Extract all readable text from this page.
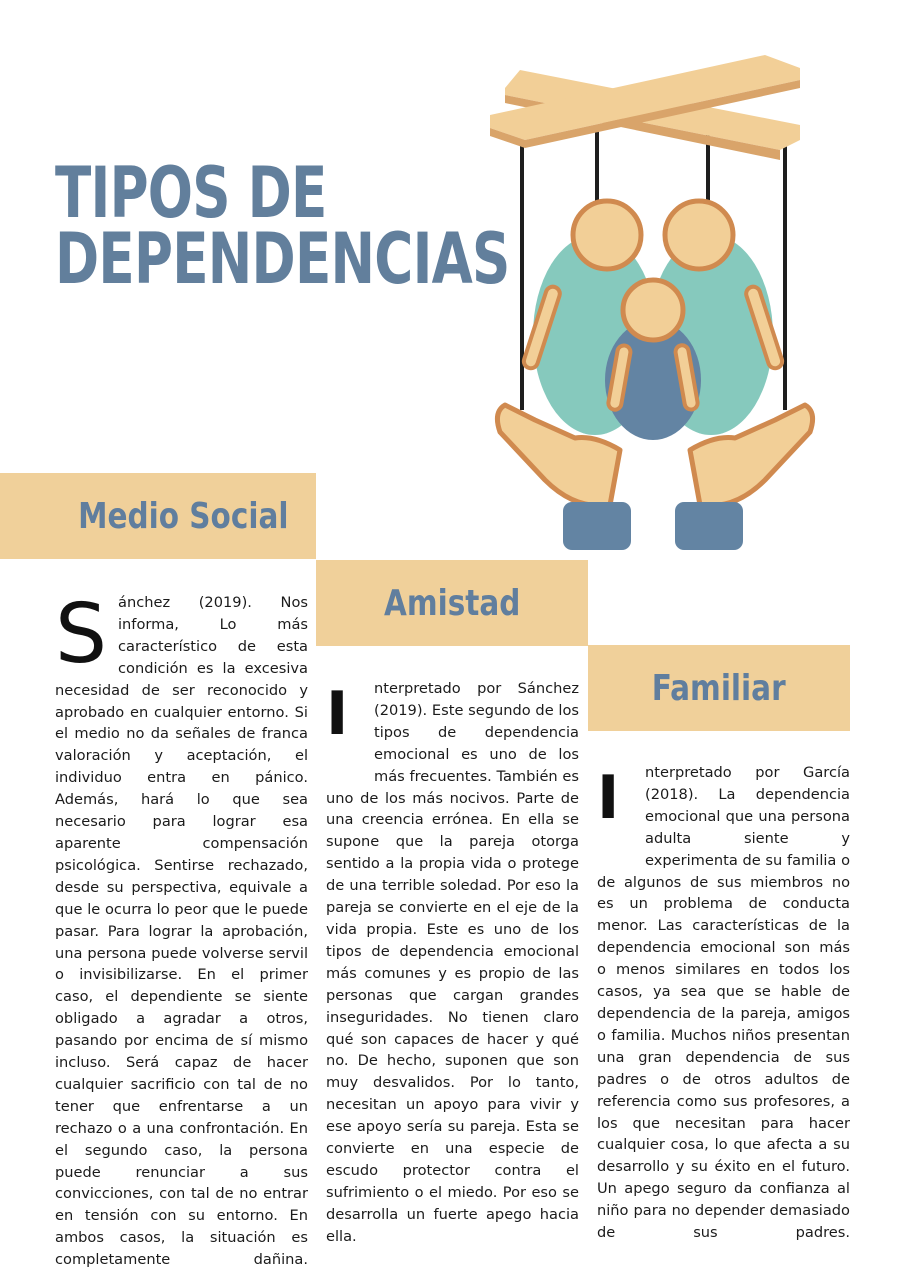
TIPOS DE
DEPENDENCIAS
Medio Social
Amistad
Familiar

Sánchez (2019). Nos informa, Lo más característico de esta condición es la excesiva necesidad de ser reconocido y aprobado en cualquier entorno. Si el medio no da señales de franca valoración y aceptación, el individuo entra en pánico. Además, hará lo que sea necesario para lograr esa aparente compensación psicológica. Sentirse rechazado, desde su perspectiva, equivale a que le ocurra lo peor que le puede pasar. Para lograr la aprobación, una persona puede volverse servil o invisibilizarse. En el primer caso, el dependiente se siente obligado a agradar a otros, pasando por encima de sí mismo incluso. Será capaz de hacer cualquier sacrificio con tal de no tener que enfrentarse a un rechazo o a una confrontación. En el segundo caso, la persona puede renunciar a sus convicciones, con tal de no entrar en tensión con su entorno. En ambos casos, la situación es completamente dañina.

I	nterpretado por Sánchez (2019). Este segundo de los tipos de dependencia emocional es uno de los más frecuentes. También es uno de los más nocivos. Parte de una creencia errónea. En ella se supone que la pareja otorga sentido a la propia vida o protege de una terrible soledad. Por eso la pareja se convierte en el eje de la vida propia. Este es uno de los tipos de dependencia emocional más comunes y es propio de las personas que cargan grandes inseguridades. No tienen claro qué son capaces de hacer y qué no. De hecho, suponen que son muy desvalidos. Por lo tanto, necesitan un apoyo para vivir y ese apoyo sería su pareja. Esta se convierte en una especie de escudo protector contra el sufrimiento o el miedo. Por eso se desarrolla un fuerte apego hacia ella.

I	nterpretado por García (2018). La dependencia emocional que una persona adulta siente y experimenta de su familia o de algunos de sus miembros no es un problema de conducta menor. Las características de la dependencia emocional son más o menos similares en todos los casos, ya sea que se hable de dependencia de la pareja, amigos o familia. Muchos niños presentan una gran dependencia de sus padres o de otros adultos de referencia como sus profesores, a los que necesitan para hacer cualquier cosa, lo que afecta a su desarrollo y su éxito en el futuro. Un apego seguro da confianza al niño para no depender demasiado de sus padres.
